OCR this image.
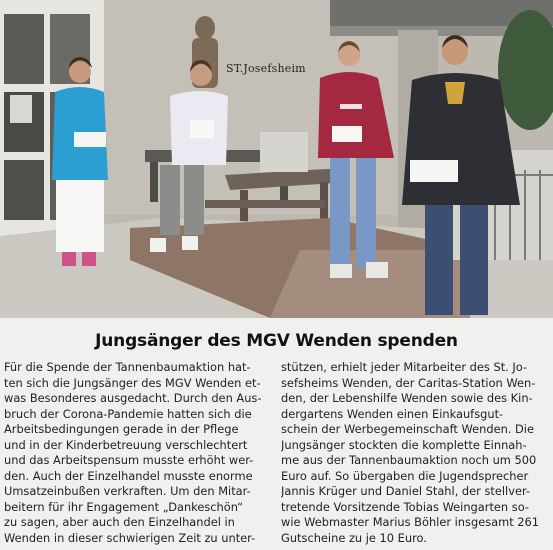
ST.Josefsheim
Jungsänger des MGV Wenden spenden
Für die Spende der Tannenbaumaktion hat-
ten sich die Jungsänger des MGV Wenden et-
was Besonderes ausgedacht. Durch den Aus-
bruch der Corona-Pandemie hatten sich die
Arbeitsbedingungen gerade in der Pflege
und in der Kinderbetreuung verschlechtert
und das Arbeitspensum musste erhöht wer-
den. Auch der Einzelhandel musste enorme
Umsatzeinbußen verkraften. Um den Mitar-
beitern für ihr Engagement „Dankeschön“
zu sagen, aber auch den Einzelhandel in
Wenden in dieser schwierigen Zeit zu unter-
stützen, erhielt jeder Mitarbeiter des St. Jo-
sefsheims Wenden, der Caritas-Station Wen-
den, der Lebenshilfe Wenden sowie des Kin-
dergartens Wenden einen Einkaufsgut-
schein der Werbegemeinschaft Wenden. Die
Jungsänger stockten die komplette Einnah-
me aus der Tannenbaumaktion noch um 500
Euro auf. So übergaben die Jugendsprecher
Jannis Krüger und Daniel Stahl, der stellver-
tretende Vorsitzende Tobias Weingarten so-
wie Webmaster Marius Böhler insgesamt 261
Gutscheine zu je 10 Euro.
